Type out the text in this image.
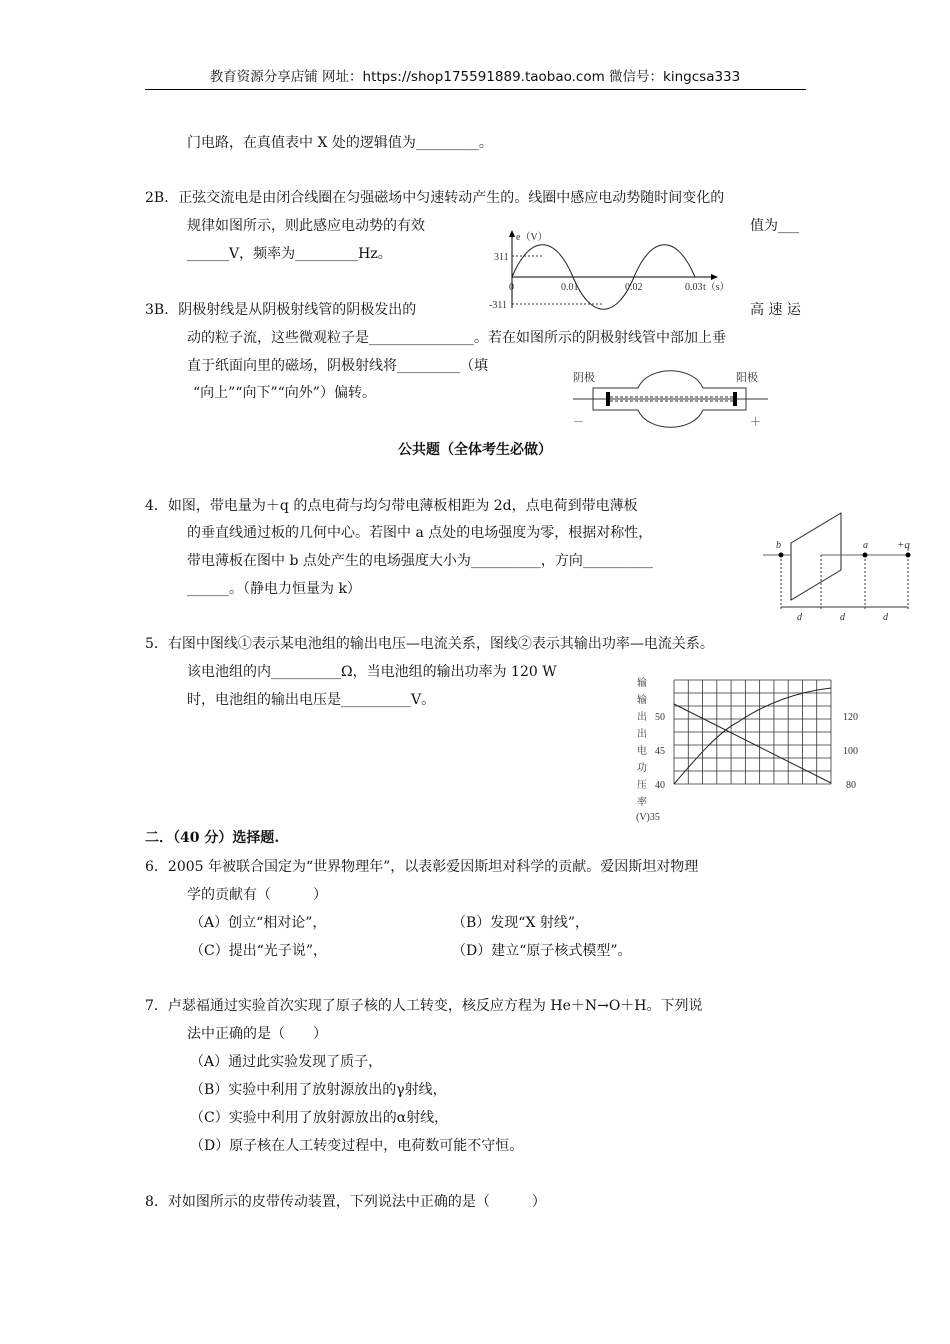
教育资源分享店铺 网址：https://shop175591889.taobao.com 微信号：kingcsa333
门电路，在真值表中 X 处的逻辑值为_________。
2B．正弦交流电是由闭合线圈在匀强磁场中匀速转动产生的。线圈中感应电动势随时间变化的
规律如图所示，则此感应电动势的有效	值为___
______V，频率为_________Hz。
e（V）
311
-311
0	0.01	0.02	0.03 t（s）
3B．阴极射线是从阴极射线管的阴极发出的	高 速 运
动的粒子流，这些微观粒子是_______________。若在如图所示的阴极射线管中部加上垂
直于纸面向里的磁场，阴极射线将_________（填
“向上”“向下”“向外”）偏转。
阴极	阳极
－	＋
公共题（全体考生必做）
4．如图，带电量为＋q 的点电荷与均匀带电薄板相距为 2d，点电荷到带电薄板
的垂直线通过板的几何中心。若图中 a 点处的电场强度为零，根据对称性，
带电薄板在图中 b 点处产生的电场强度大小为__________，方向__________
______。（静电力恒量为 k）
b	a	+q
d	d	d
5．右图中图线①表示某电池组的输出电压—电流关系，图线②表示其输出功率—电流关系。
该电池组的内__________Ω，当电池组的输出功率为 120 W
时，电池组的输出电压是__________V。
输
输
出
出
电
功
压
率
(V)35
50
45
40
120
100
80
二．（40 分）选择题.
6．2005 年被联合国定为“世界物理年”，以表彰爱因斯坦对科学的贡献。爱因斯坦对物理
学的贡献有（　　　）
（A）创立“相对论”，	（B）发现“X 射线”，
（C）提出“光子说”，	（D）建立“原子核式模型”。
7．卢瑟福通过实验首次实现了原子核的人工转变，核反应方程为 He＋N→O＋H。下列说
法中正确的是（　　）
（A）通过此实验发现了质子，
（B）实验中利用了放射源放出的γ射线，
（C）实验中利用了放射源放出的α射线，
（D）原子核在人工转变过程中，电荷数可能不守恒。
8．对如图所示的皮带传动装置，下列说法中正确的是（　　　）
